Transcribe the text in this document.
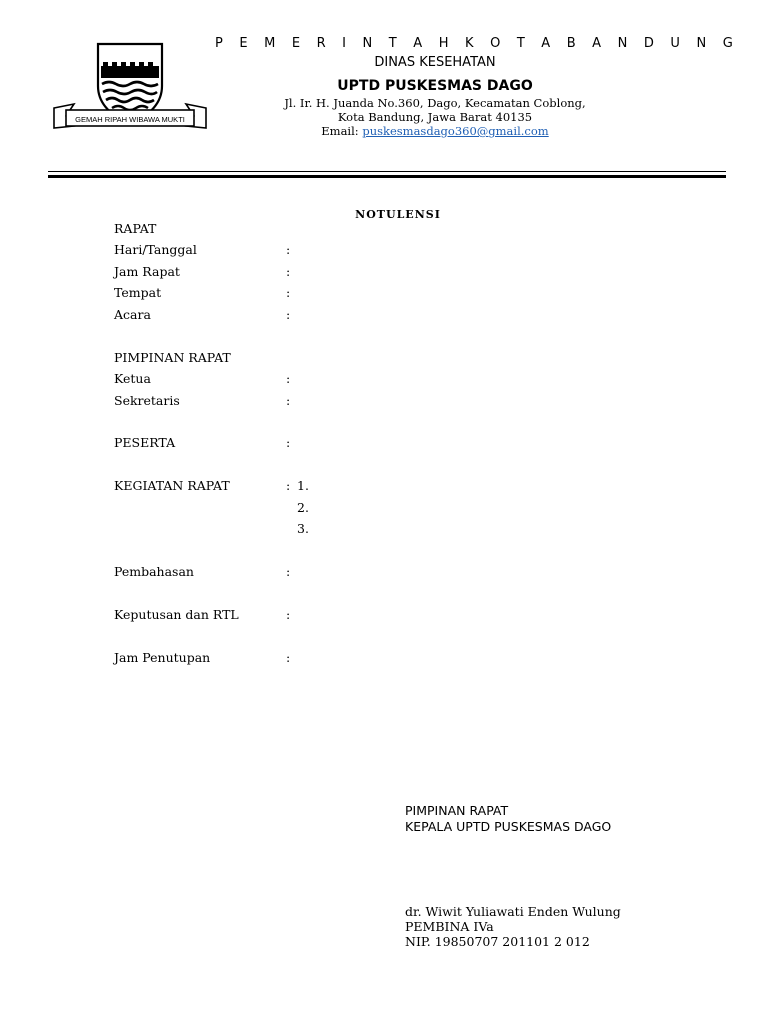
GEMAH RIPAH WIBAWA MUKTI
P E M E R I N T A H K O T A B A N D U N G
DINAS KESEHATAN
UPTD PUSKESMAS DAGO
Jl. Ir. H. Juanda No.360, Dago, Kecamatan Coblong,
Kota Bandung, Jawa Barat 40135
Email: puskesmasdago360@gmail.com
NOTULENSI
RAPAT
Hari/Tanggal	:
Jam Rapat	:
Tempat	:
Acara	:
PIMPINAN RAPAT
Ketua	:
Sekretaris	:
PESERTA	:
KEGIATAN RAPAT	: 1.
2.
3.
Pembahasan	:
Keputusan dan RTL	:
Jam Penutupan	:
PIMPINAN RAPAT
KEPALA UPTD PUSKESMAS DAGO
dr. Wiwit Yuliawati Enden Wulung
PEMBINA IVa
NIP. 19850707 201101 2 012
